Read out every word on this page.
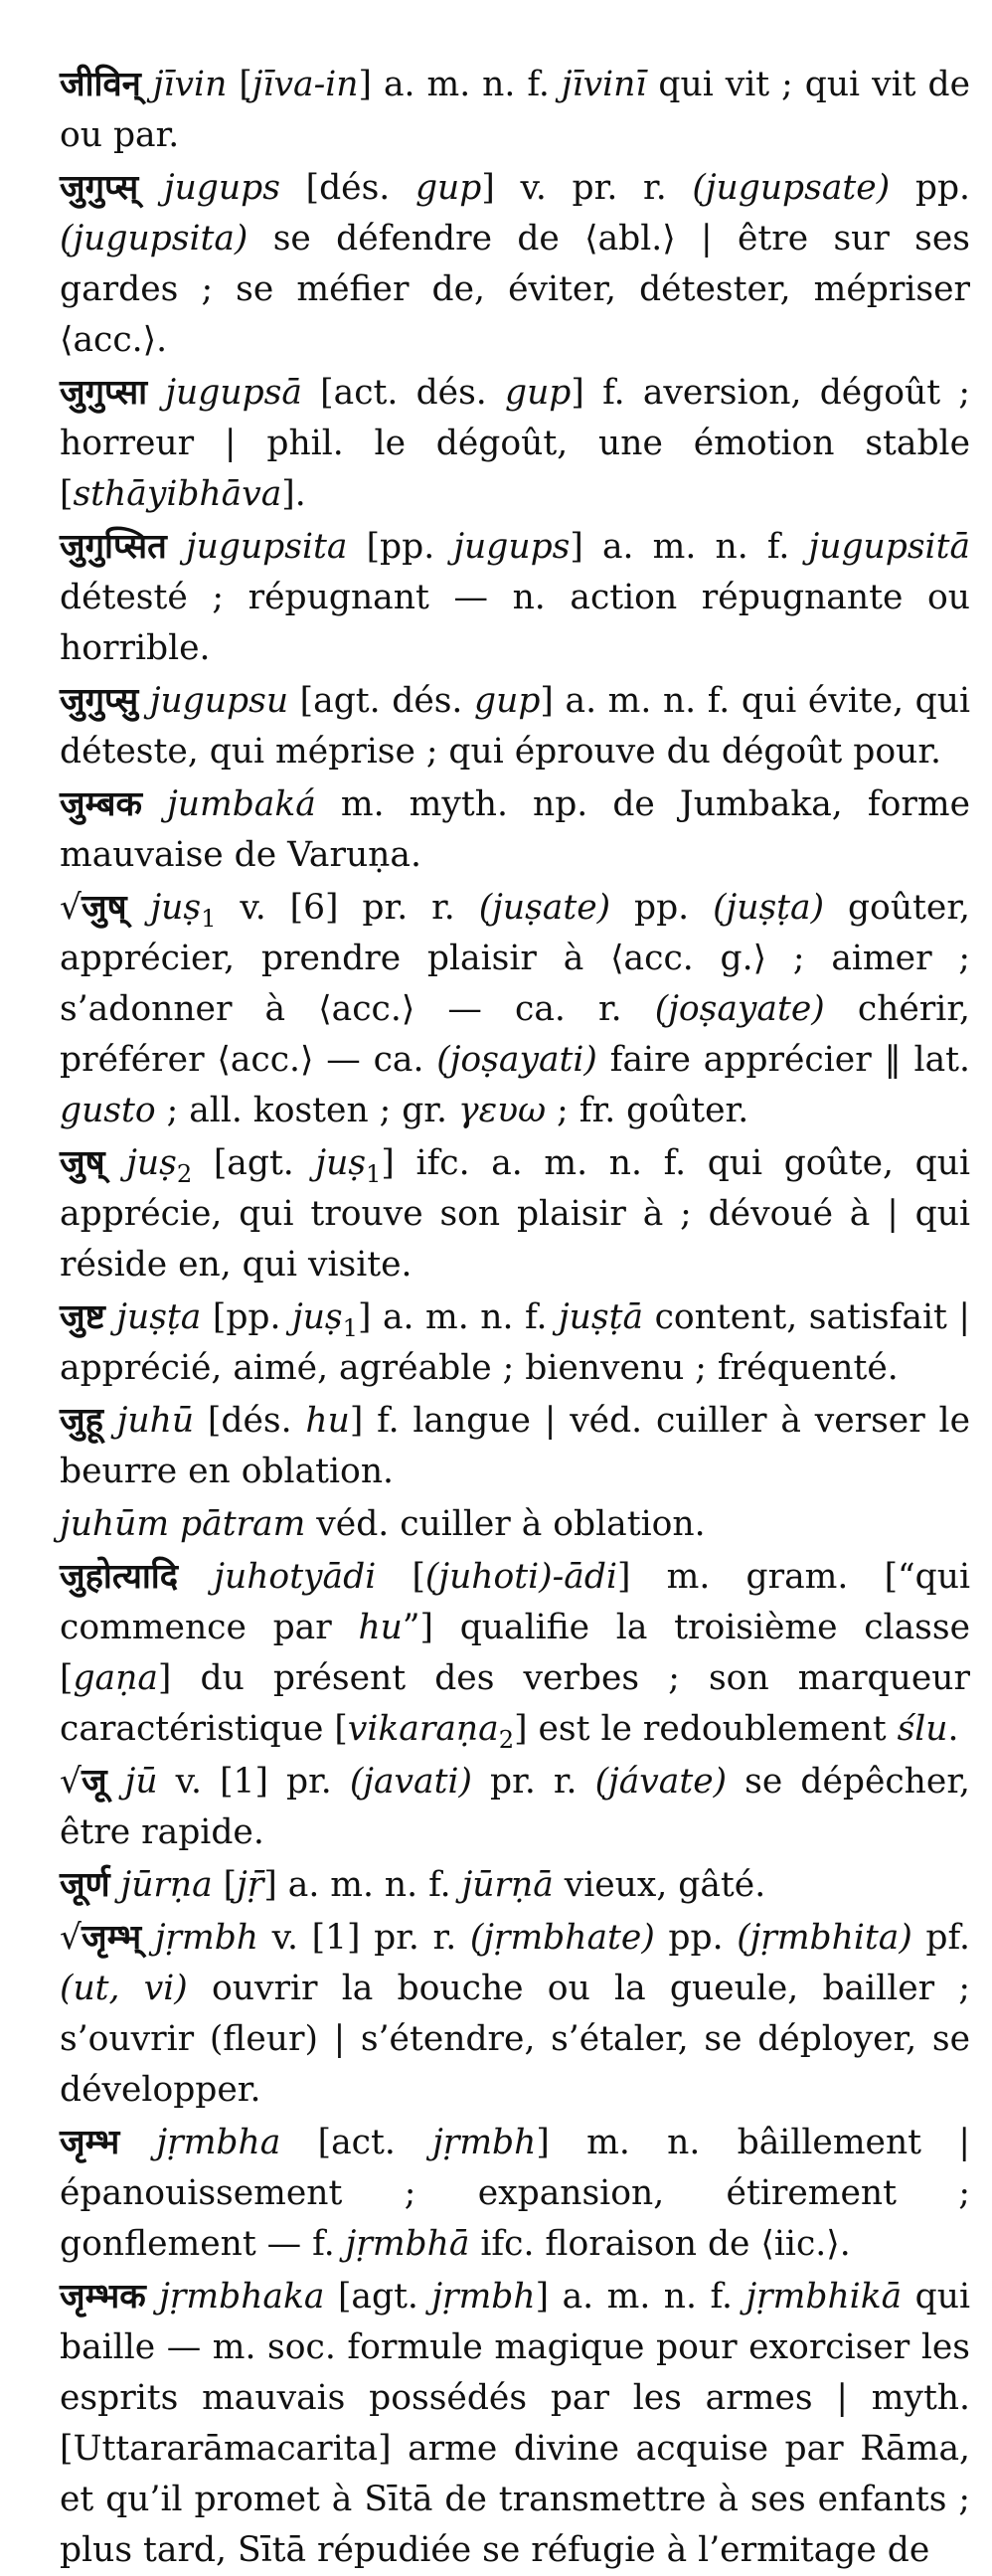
जीविन् jīvin [jīva-in] a. m. n. f. jīvinī qui vit ; qui vit de ou par.

जुगुप्स् jugups [dés. gup] v. pr. r. (jugupsate) pp. (jugupsita) se défendre de ⟨abl.⟩ | être sur ses gardes ; se méfier de, éviter, détester, mépriser ⟨acc.⟩.

जुगुप्सा jugupsā [act. dés. gup] f. aversion, dégoût ; horreur | phil. le dégoût, une émotion stable [sthāyibhāva].

जुगुप्सित jugupsita [pp. jugups] a. m. n. f. jugupsitā détesté ; répugnant — n. action répugnante ou horrible.

जुगुप्सु jugupsu [agt. dés. gup] a. m. n. f. qui évite, qui déteste, qui méprise ; qui éprouve du dégoût pour.

जुम्बक jumbaká m. myth. np. de Jumbaka, forme mauvaise de Varuṇa.

√जुष् juṣ$_1$ v. [6] pr. r. (juṣate) pp. (juṣṭa) goûter, apprécier, prendre plaisir à ⟨acc. g.⟩ ; aimer ; s’adonner à ⟨acc.⟩ — ca. r. (joṣayate) chérir, préférer ⟨acc.⟩ — ca. (joṣayati) faire apprécier ‖ lat. gusto ; all. kosten ; gr. γευω ; fr. goûter.

जुष् juṣ$_2$ [agt. juṣ$_1$] ifc. a. m. n. f. qui goûte, qui apprécie, qui trouve son plaisir à ; dévoué à | qui réside en, qui visite.

जुष्ट juṣṭa [pp. juṣ$_1$] a. m. n. f. juṣṭā content, satisfait | apprécié, aimé, agréable ; bienvenu ; fréquenté.

जुहू juhū [dés. hu] f. langue | véd. cuiller à verser le beurre en oblation.

juhūm pātram véd. cuiller à oblation.

जुहोत्यादि juhotyādi [(juhoti)-ādi] m. gram. [“qui commence par hu”] qualifie la troisième classe [gaṇa] du présent des verbes ; son marqueur caractéristique [vikaraṇa$_2$] est le redoublement ślu.

√जू jū v. [1] pr. (javati) pr. r. (jávate) se dépêcher, être rapide.

जूर्ण jūrṇa [jṝ] a. m. n. f. jūrṇā vieux, gâté.

√जृम्भ् jṛmbh v. [1] pr. r. (jṛmbhate) pp. (jṛmbhita) pf. (ut, vi) ouvrir la bouche ou la gueule, bailler ; s’ouvrir (fleur) | s’étendre, s’étaler, se déployer, se développer.

जृम्भ jṛmbha [act. jṛmbh] m. n. bâillement | épanouissement ; expansion, étirement ; gonflement — f. jṛmbhā ifc. floraison de ⟨iic.⟩.

जृम्भक jṛmbhaka [agt. jṛmbh] a. m. n. f. jṛmbhikā qui baille — m. soc. formule magique pour exorciser les esprits mauvais possédés par les armes | myth. [Uttararāmacarita] arme divine acquise par Rāma, et qu’il promet à Sītā de transmettre à ses enfants ; plus tard, Sītā répudiée se réfugie à l’ermitage de
